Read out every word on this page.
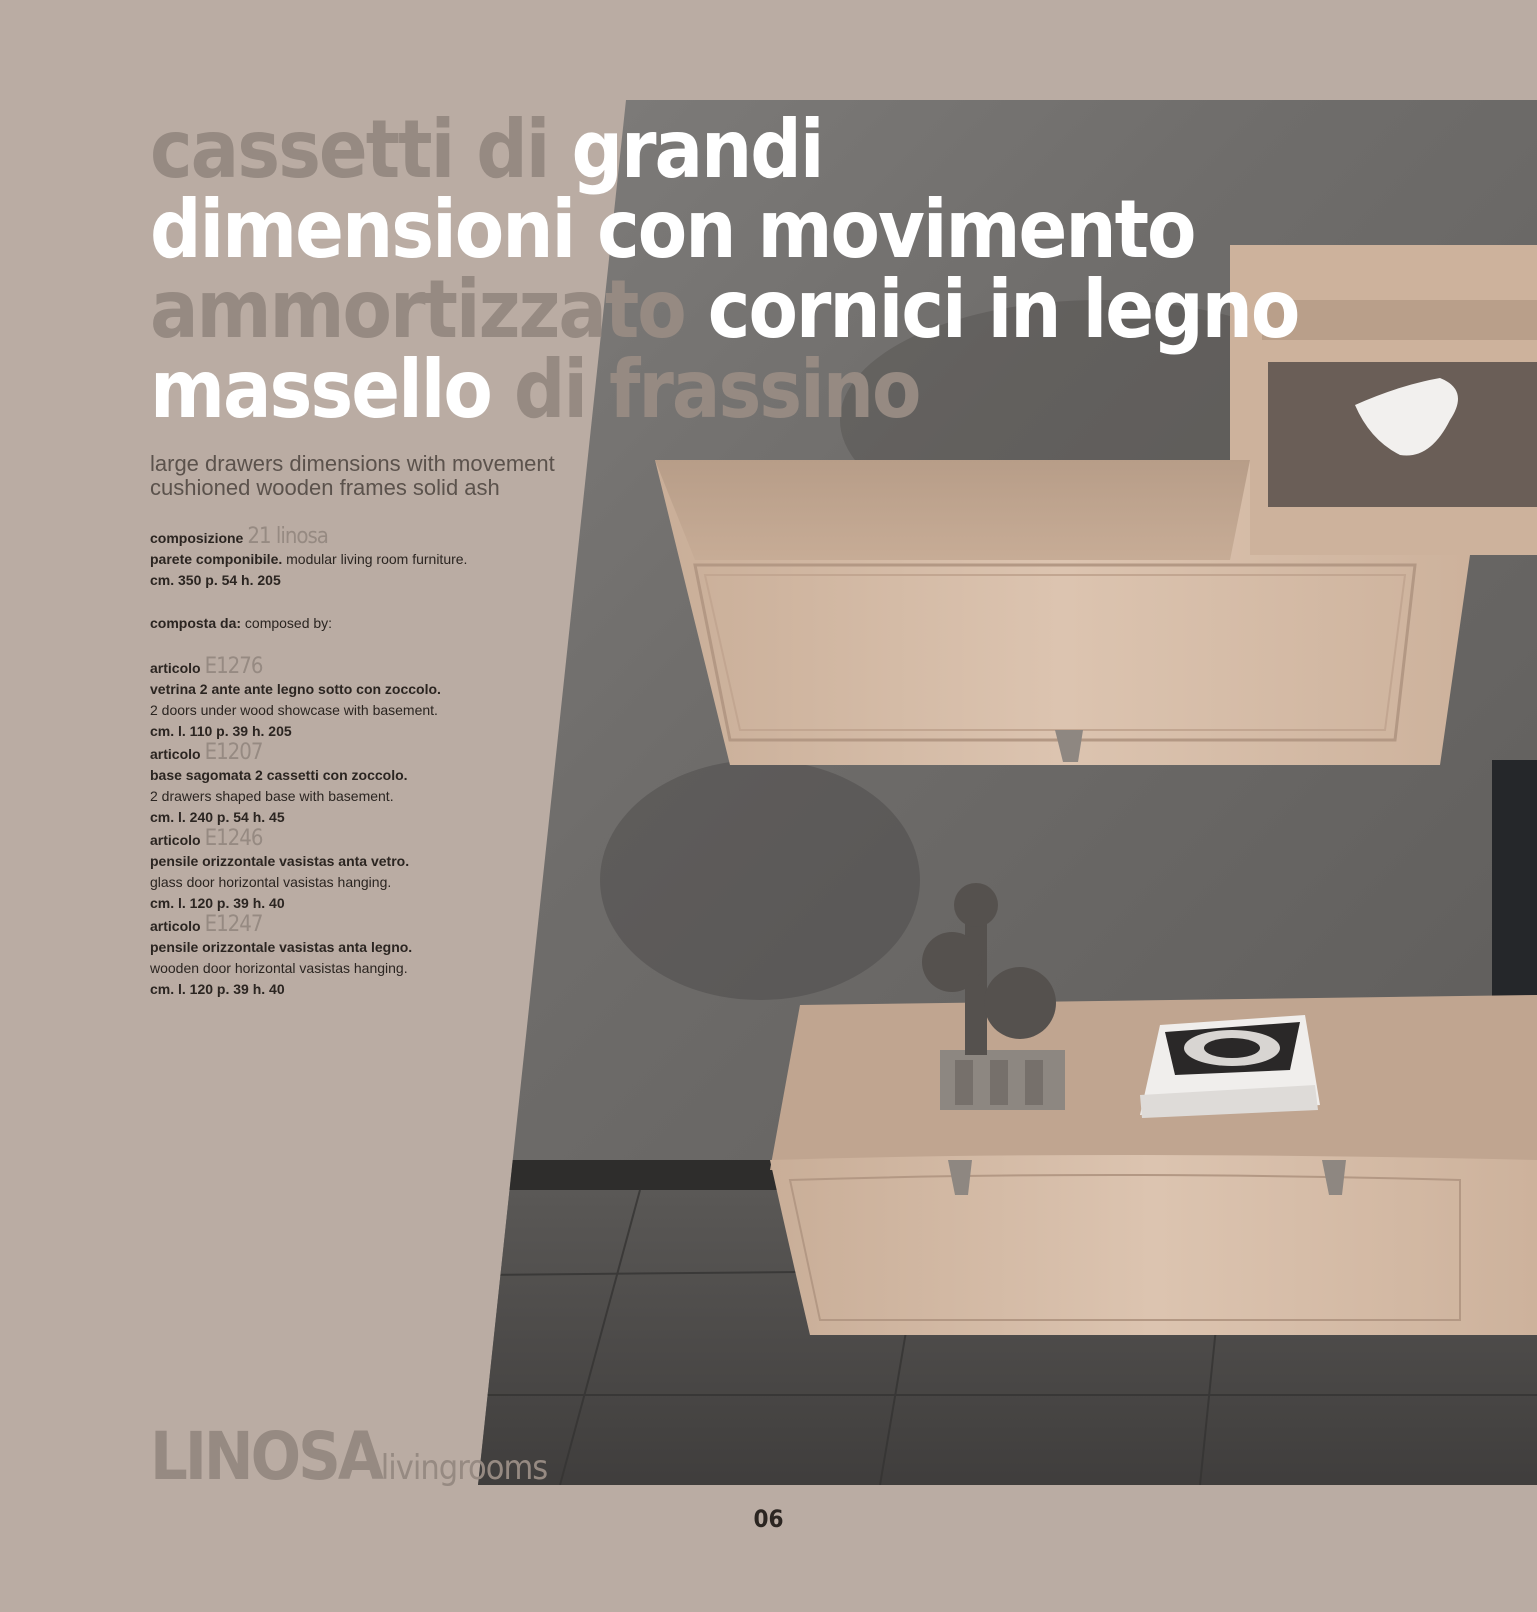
cassetti di grandi
dimensioni con movimento
ammortizzato cornici in legno
massello di frassino
large drawers dimensions with movement
cushioned wooden frames solid ash
composizione 21 linosa
parete componibile. modular living room furniture.
cm. 350 p. 54 h. 205
composta da: composed by:
articolo E1276
vetrina 2 ante ante legno sotto con zoccolo.
2 doors under wood showcase with basement.
cm. l. 110 p. 39 h. 205
articolo E1207
base sagomata 2 cassetti con zoccolo.
2 drawers shaped base with basement.
cm. l. 240 p. 54 h. 45
articolo E1246
pensile orizzontale vasistas anta vetro.
glass door horizontal vasistas hanging.
cm. l. 120 p. 39 h. 40
articolo E1247
pensile orizzontale vasistas anta legno.
wooden door horizontal vasistas hanging.
cm. l. 120 p. 39 h. 40
LINOSAlivingrooms
06
